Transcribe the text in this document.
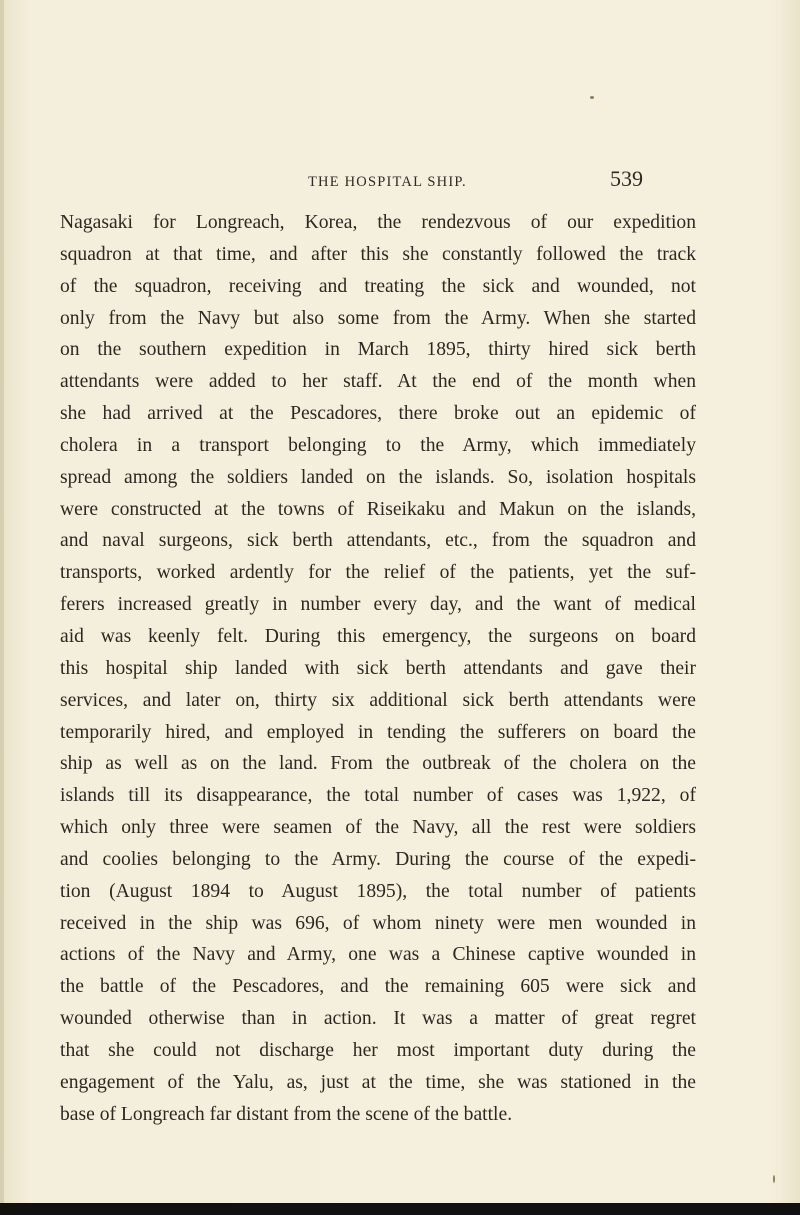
THE HOSPITAL SHIP.	539
Nagasaki for Longreach, Korea, the rendezvous of our expedition
squadron at that time, and after this she constantly followed the track
of the squadron, receiving and treating the sick and wounded, not
only from the Navy but also some from the Army. When she started
on the southern expedition in March 1895, thirty hired sick berth
attendants were added to her staff. At the end of the month when
she had arrived at the Pescadores, there broke out an epidemic of
cholera in a transport belonging to the Army, which immediately
spread among the soldiers landed on the islands. So, isolation hospitals
were constructed at the towns of Riseikaku and Makun on the islands,
and naval surgeons, sick berth attendants, etc., from the squadron and
transports, worked ardently for the relief of the patients, yet the suf-
ferers increased greatly in number every day, and the want of medical
aid was keenly felt. During this emergency, the surgeons on board
this hospital ship landed with sick berth attendants and gave their
services, and later on, thirty six additional sick berth attendants were
temporarily hired, and employed in tending the sufferers on board the
ship as well as on the land. From the outbreak of the cholera on the
islands till its disappearance, the total number of cases was 1,922, of
which only three were seamen of the Navy, all the rest were soldiers
and coolies belonging to the Army. During the course of the expedi-
tion (August 1894 to August 1895), the total number of patients
received in the ship was 696, of whom ninety were men wounded in
actions of the Navy and Army, one was a Chinese captive wounded in
the battle of the Pescadores, and the remaining 605 were sick and
wounded otherwise than in action. It was a matter of great regret
that she could not discharge her most important duty during the
engagement of the Yalu, as, just at the time, she was stationed in the
base of Longreach far distant from the scene of the battle.
